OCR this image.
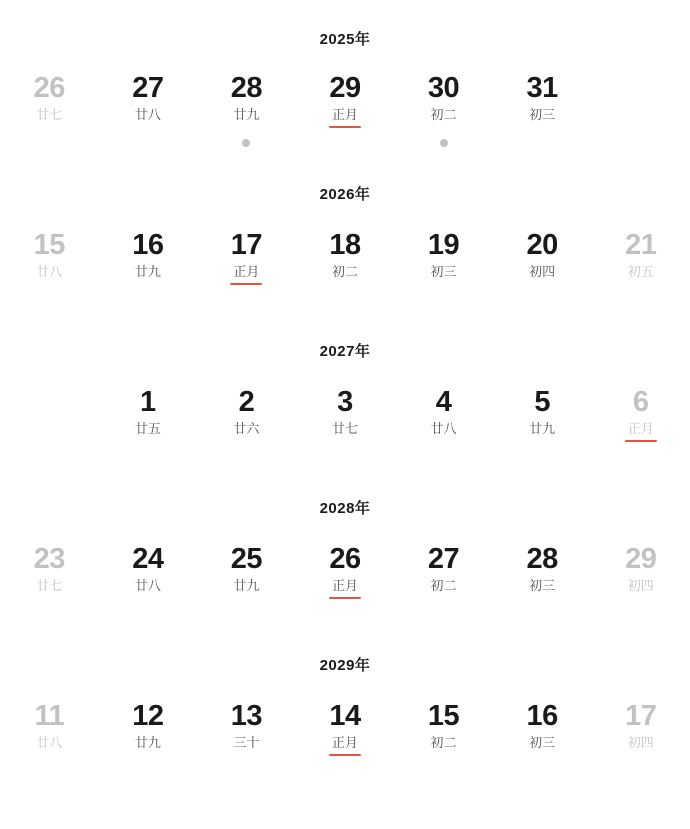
2025年
26
廿七
27
廿八
28
廿九
29
正月
30
初二
31
初三
2026年
15
廿八
16
廿九
17
正月
18
初二
19
初三
20
初四
21
初五
2027年
1
廿五
2
廿六
3
廿七
4
廿八
5
廿九
6
正月
2028年
23
廿七
24
廿八
25
廿九
26
正月
27
初二
28
初三
29
初四
2029年
11
廿八
12
廿九
13
三十
14
正月
15
初二
16
初三
17
初四
